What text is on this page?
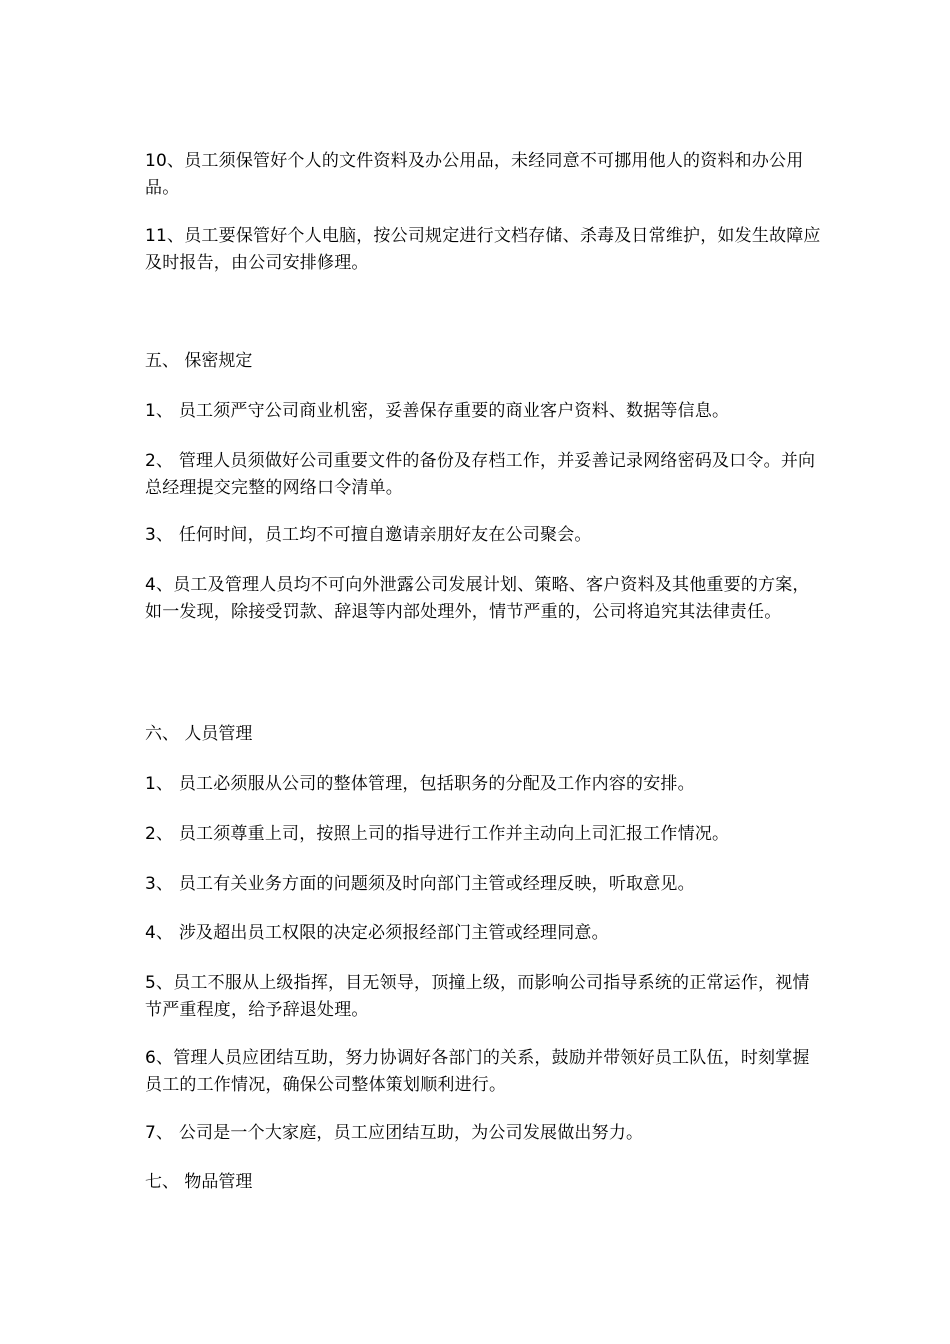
10、员工须保管好个人的文件资料及办公用品，未经同意不可挪用他人的资料和办公用品。

11、员工要保管好个人电脑，按公司规定进行文档存储、杀毒及日常维护，如发生故障应及时报告，由公司安排修理。

五、 保密规定

1、 员工须严守公司商业机密，妥善保存重要的商业客户资料、数据等信息。

2、 管理人员须做好公司重要文件的备份及存档工作，并妥善记录网络密码及口令。并向总经理提交完整的网络口令清单。

3、 任何时间，员工均不可擅自邀请亲朋好友在公司聚会。

4、员工及管理人员均不可向外泄露公司发展计划、策略、客户资料及其他重要的方案，如一发现，除接受罚款、辞退等内部处理外，情节严重的，公司将追究其法律责任。

六、 人员管理

1、 员工必须服从公司的整体管理，包括职务的分配及工作内容的安排。

2、 员工须尊重上司，按照上司的指导进行工作并主动向上司汇报工作情况。

3、 员工有关业务方面的问题须及时向部门主管或经理反映，听取意见。

4、 涉及超出员工权限的决定必须报经部门主管或经理同意。

5、员工不服从上级指挥，目无领导，顶撞上级，而影响公司指导系统的正常运作，视情节严重程度，给予辞退处理。

6、管理人员应团结互助，努力协调好各部门的关系，鼓励并带领好员工队伍，时刻掌握员工的工作情况，确保公司整体策划顺利进行。

7、 公司是一个大家庭，员工应团结互助，为公司发展做出努力。

七、 物品管理
